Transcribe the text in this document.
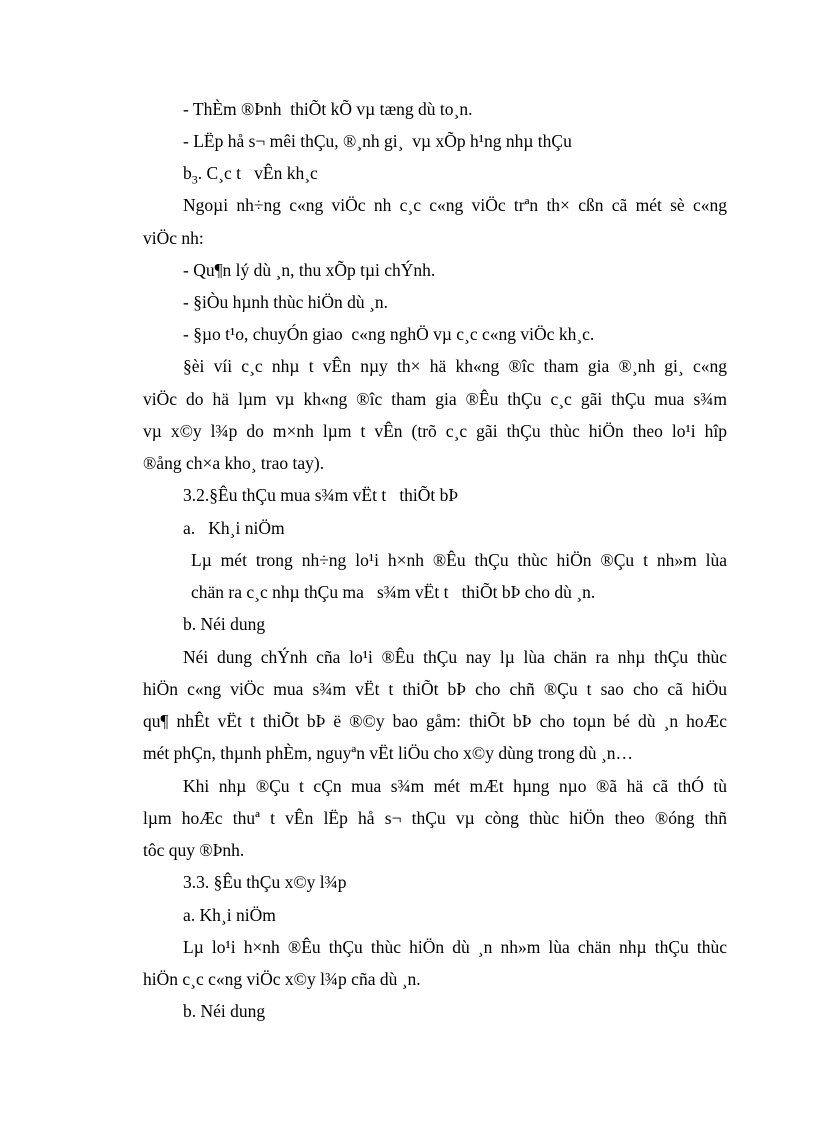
- ThÈm ®Þnh  thiÕt kÕ vµ tæng dù to¸n.
- LËp hå s¬ mêi thÇu, ®¸nh gi¸  vµ xÕp h¹ng nhµ thÇu
$b_3$. C¸c t   vÊn kh¸c
Ngoµi nh÷ng c«ng viÖc nh c¸c c«ng viÖc trªn th× cßn cã mét sè c«ng
viÖc nh:
- Qu¶n lý dù ¸n, thu xÕp tµi chÝnh.
- §iÒu hµnh thùc hiÖn dù ¸n.
- §µo t¹o, chuyÓn giao  c«ng nghÖ vµ c¸c c«ng viÖc kh¸c.
§èi víi c¸c nhµ t vÊn nµy th× hä kh«ng ®îc tham gia ®¸nh gi¸ c«ng
viÖc do hä lµm vµ kh«ng ®îc tham gia ®Êu thÇu c¸c gãi thÇu mua s¾m
vµ x©y l¾p do m×nh lµm t vÊn (trõ c¸c gãi thÇu thùc hiÖn theo lo¹i hîp
®ång ch×a kho¸ trao tay).
3.2.§Êu thÇu mua s¾m vËt t   thiÕt bÞ
a.   Kh¸i niÖm
Lµ mét trong nh÷ng lo¹i h×nh ®Êu thÇu thùc hiÖn ®Çu t nh»m lùa
chän ra c¸c nhµ thÇu ma   s¾m vËt t   thiÕt bÞ cho dù ¸n.
b. Néi dung
Néi dung chÝnh cña lo¹i ®Êu thÇu nay lµ lùa chän ra nhµ thÇu thùc
hiÖn c«ng viÖc mua s¾m vËt t thiÕt bÞ cho chñ ®Çu t sao cho cã hiÖu
qu¶ nhÊt vËt t thiÕt bÞ ë ®©y bao gåm: thiÕt bÞ cho toµn bé dù ¸n hoÆc
mét phÇn, thµnh phÈm, nguyªn vËt liÖu cho x©y dùng trong dù ¸n…
Khi nhµ ®Çu t cÇn mua s¾m mét mÆt hµng nµo ®ã hä cã thÓ tù
lµm hoÆc thuª t vÊn lËp hå s¬ thÇu vµ còng thùc hiÖn theo ®óng thñ
tôc quy ®Þnh.
3.3. §Êu thÇu x©y l¾p
a. Kh¸i niÖm
Lµ lo¹i h×nh ®Êu thÇu thùc hiÖn dù ¸n nh»m lùa chän nhµ thÇu thùc
hiÖn c¸c c«ng viÖc x©y l¾p cña dù ¸n.
b. Néi dung
